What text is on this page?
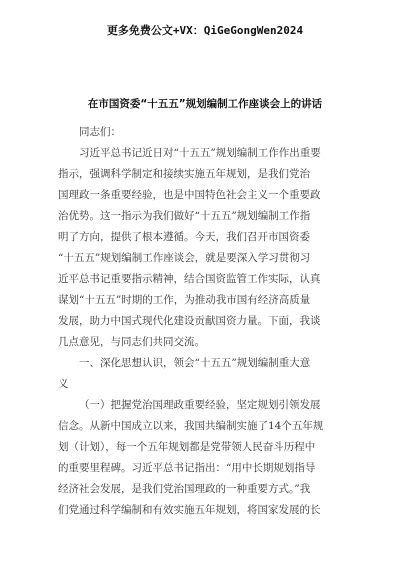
更多免费公文+VX：QiGeGongWen2024
在市国资委“十五五”规划编制工作座谈会上的讲话
同志们：
习近平总书记近日对“十五五”规划编制工作作出重要
指示，强调科学制定和接续实施五年规划，是我们党治
国理政一条重要经验，也是中国特色社会主义一个重要政
治优势。这一指示为我们做好“十五五”规划编制工作指
明了方向，提供了根本遵循。今天，我们召开市国资委
“十五五”规划编制工作座谈会，就是要深入学习贯彻习
近平总书记重要指示精神，结合国资监管工作实际，认真
谋划“十五五”时期的工作，为推动我市国有经济高质量
发展，助力中国式现代化建设贡献国资力量。下面，我谈
几点意见，与同志们共同交流。
一、深化思想认识，领会“十五五”规划编制重大意
义
（一）把握党治国理政重要经验，坚定规划引领发展
信念。从新中国成立以来，我国共编制实施了14个五年规
划（计划），每一个五年规划都是党带领人民奋斗历程中
的重要里程碑。习近平总书记指出：“用中长期规划指导
经济社会发展，是我们党治国理政的一种重要方式。”我
们党通过科学编制和有效实施五年规划，将国家发展的长
